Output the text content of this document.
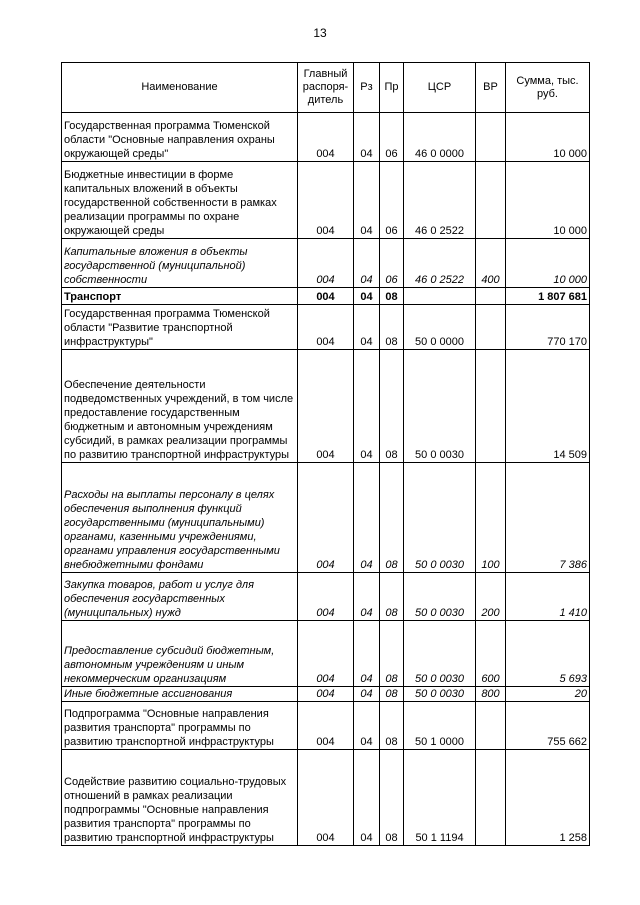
13
Наименование	Главный распоря-дитель	Рз	Пр	ЦСР	ВР	Сумма, тыс. руб.
Государственная программа Тюменской области "Основные направления охраны окружающей среды"	004	04	06	46 0 0000		10 000
Бюджетные инвестиции в форме капитальных вложений в объекты государственной собственности в рамках реализации программы по охране окружающей среды	004	04	06	46 0 2522		10 000
Капитальные вложения в объекты государственной (муниципальной) собственности	004	04	06	46 0 2522	400	10 000
Транспорт	004	04	08			1 807 681
Государственная программа Тюменской области "Развитие транспортной инфраструктуры"	004	04	08	50 0 0000		770 170
Обеспечение деятельности подведомственных учреждений, в том числе предоставление государственным бюджетным и автономным учреждениям субсидий, в рамках реализации программы по развитию транспортной инфраструктуры	004	04	08	50 0 0030		14 509
Расходы на выплаты персоналу в целях обеспечения выполнения функций государственными (муниципальными) органами, казенными учреждениями, органами управления государственными внебюджетными фондами	004	04	08	50 0 0030	100	7 386
Закупка товаров, работ и услуг для обеспечения государственных (муниципальных) нужд	004	04	08	50 0 0030	200	1 410
Предоставление субсидий бюджетным, автономным учреждениям и иным некоммерческим организациям	004	04	08	50 0 0030	600	5 693
Иные бюджетные ассигнования	004	04	08	50 0 0030	800	20
Подпрограмма "Основные направления развития транспорта" программы по развитию транспортной инфраструктуры	004	04	08	50 1 0000		755 662
Содействие развитию социально-трудовых отношений в рамках реализации подпрограммы "Основные направления развития транспорта" программы по развитию транспортной инфраструктуры	004	04	08	50 1 1194		1 258
